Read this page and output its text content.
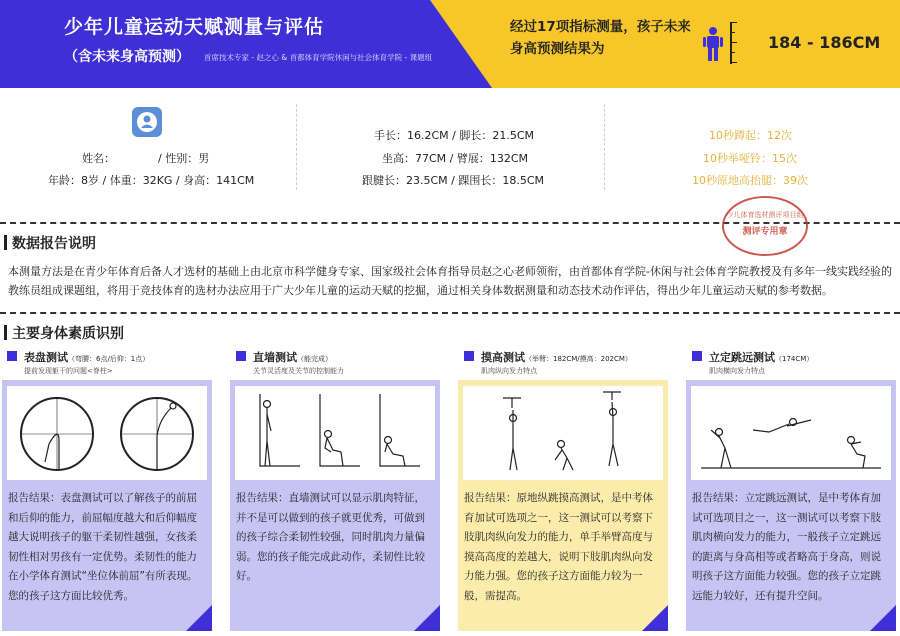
少年儿童运动天赋测量与评估
（含未来身高预测） 首席技术专家 - 赵之心 & 首都体育学院休闲与社会体育学院 - 课题组
经过17项指标测量，孩子未来身高预测结果为	184 - 186CM
姓名：	/ 性别：男
年龄：8岁 / 体重：32KG / 身高：141CM
手长：16.2CM / 脚长：21.5CM
坐高：77CM / 臂展：132CM
跟腱长：23.5CM / 踝围长：18.5CM
10秒蹲起：12次
10秒举哑铃：15次
10秒原地高抬腿：39次
少儿体育选材测评项目组
测评专用章
数据报告说明
本测量方法是在青少年体育后备人才选材的基础上由北京市科学健身专家、国家级社会体育指导员赵之心老师领衔，由首都体育学院-休闲与社会体育学院教授及有多年一线实践经验的教练员组成课题组，将用于竞技体育的选材办法应用于广大少年儿童的运动天赋的挖掘，通过相关身体数据测量和动态技术动作评估，得出少年儿童运动天赋的参考数据。
主要身体素质识别
表盘测试（弯腰：6点/后仰：1点）
提前发现躯干的问题<脊柱>
报告结果：表盘测试可以了解孩子的前屈和后仰的能力，前屈幅度越大和后仰幅度越大说明孩子的躯干柔韧性越强，女孩柔韧性相对男孩有一定优势。柔韧性的能力在小学体育测试“坐位体前屈”有所表现。您的孩子这方面比较优秀。
直墙测试（能完成）
关节灵活度及关节的控制能力
报告结果：直墙测试可以显示肌肉特征，并不是可以做到的孩子就更优秀，可做到的孩子综合柔韧性较强，同时肌肉力量偏弱。您的孩子能完成此动作，柔韧性比较好。
摸高测试（举臂：182CM/摸高：202CM）
肌肉纵向发力特点
报告结果：原地纵跳摸高测试，是中考体育加试可选项之一，这一测试可以考察下肢肌肉纵向发力的能力，单手举臂高度与摸高高度的差越大，说明下肢肌肉纵向发力能力强。您的孩子这方面能力较为一般，需提高。
立定跳远测试（174CM）
肌肉横向发力特点
报告结果：立定跳远测试，是中考体育加试可选项目之一，这一测试可以考察下肢肌肉横向发力的能力，一般孩子立定跳远的距离与身高相等或者略高于身高，则说明孩子这方面能力较强。您的孩子立定跳远能力较好，还有提升空间。
